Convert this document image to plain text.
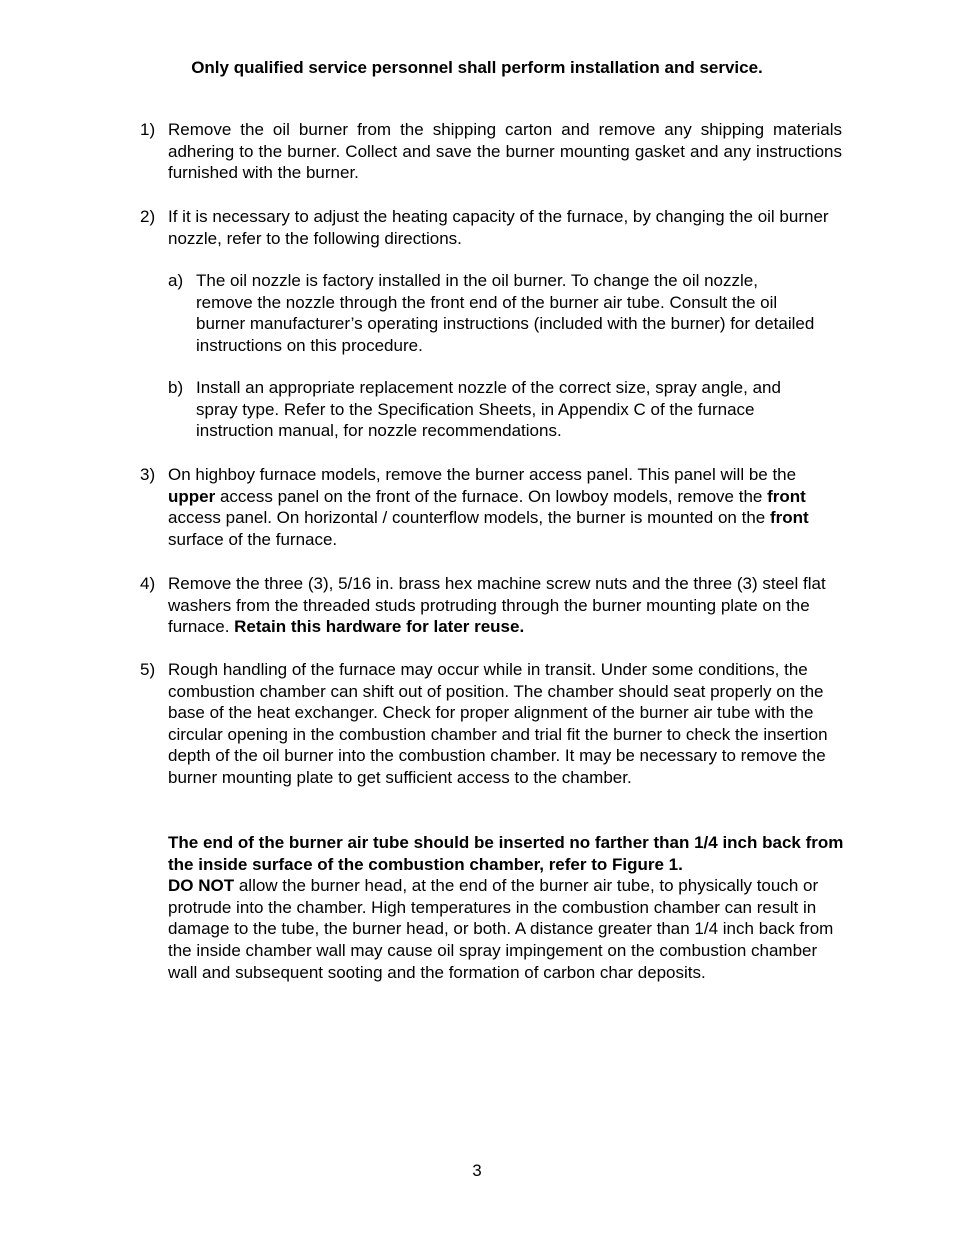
Only qualified service personnel shall perform installation and service.
1) Remove the oil burner from the shipping carton and remove any shipping materials adhering to the burner. Collect and save the burner mounting gasket and any instructions furnished with the burner.
2) If it is necessary to adjust the heating capacity of the furnace, by changing the oil burner nozzle, refer to the following directions.
a) The oil nozzle is factory installed in the oil burner. To change the oil nozzle, remove the nozzle through the front end of the burner air tube. Consult the oil burner manufacturer’s operating instructions (included with the burner) for detailed instructions on this procedure.
b) Install an appropriate replacement nozzle of the correct size, spray angle, and spray type. Refer to the Specification Sheets, in Appendix C of the furnace instruction manual, for nozzle recommendations.
3) On highboy furnace models, remove the burner access panel. This panel will be the upper access panel on the front of the furnace. On lowboy models, remove the front access panel. On horizontal / counterflow models, the burner is mounted on the front surface of the furnace.
4) Remove the three (3), 5/16 in. brass hex machine screw nuts and the three (3) steel flat washers from the threaded studs protruding through the burner mounting plate on the furnace. Retain this hardware for later reuse.
5) Rough handling of the furnace may occur while in transit. Under some conditions, the combustion chamber can shift out of position. The chamber should seat properly on the base of the heat exchanger. Check for proper alignment of the burner air tube with the circular opening in the combustion chamber and trial fit the burner to check the insertion depth of the oil burner into the combustion chamber. It may be necessary to remove the burner mounting plate to get sufficient access to the chamber.
The end of the burner air tube should be inserted no farther than 1/4 inch back from the inside surface of the combustion chamber, refer to Figure 1.
DO NOT allow the burner head, at the end of the burner air tube, to physically touch or protrude into the chamber. High temperatures in the combustion chamber can result in damage to the tube, the burner head, or both. A distance greater than 1/4 inch back from the inside chamber wall may cause oil spray impingement on the combustion chamber wall and subsequent sooting and the formation of carbon char deposits.
3
